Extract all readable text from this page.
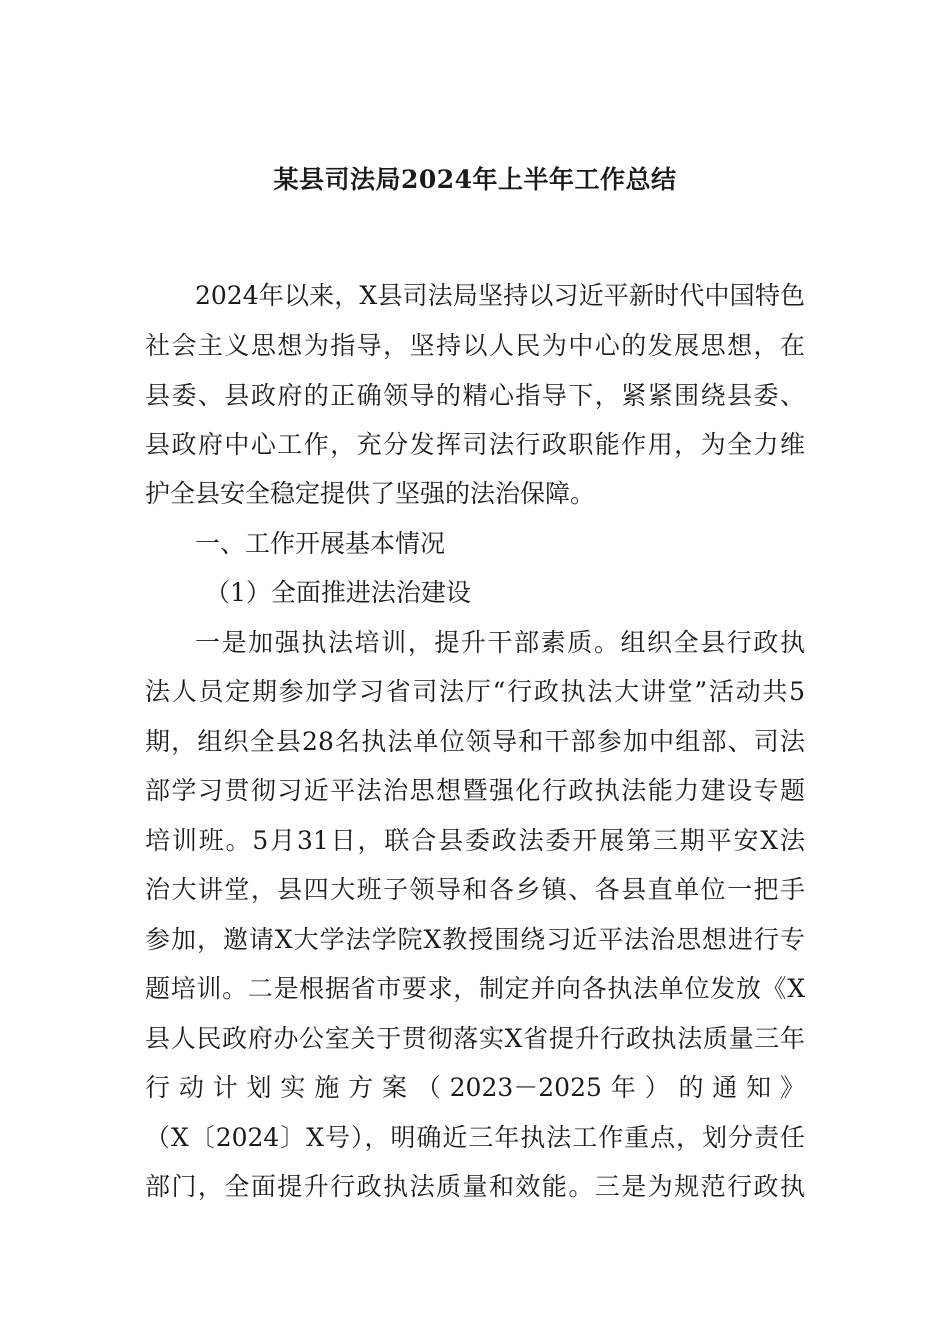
某县司法局2024年上半年工作总结
2024年以来，X县司法局坚持以习近平新时代中国特色
社会主义思想为指导，坚持以人民为中心的发展思想，在
县委、县政府的正确领导的精心指导下，紧紧围绕县委、
县政府中心工作，充分发挥司法行政职能作用，为全力维
护全县安全稳定提供了坚强的法治保障。
一、工作开展基本情况
（1）全面推进法治建设
一是加强执法培训，提升干部素质。组织全县行政执
法人员定期参加学习省司法厅“行政执法大讲堂”活动共5
期，组织全县28名执法单位领导和干部参加中组部、司法
部学习贯彻习近平法治思想暨强化行政执法能力建设专题
培训班。5月31日，联合县委政法委开展第三期平安X法
治大讲堂，县四大班子领导和各乡镇、各县直单位一把手
参加，邀请X大学法学院X教授围绕习近平法治思想进行专
题培训。二是根据省市要求，制定并向各执法单位发放《X
县人民政府办公室关于贯彻落实X省提升行政执法质量三年
行动计划实施方案（2023－2025年）的通知》
（X〔2024〕X号），明确近三年执法工作重点，划分责任
部门，全面提升行政执法质量和效能。三是为规范行政执
